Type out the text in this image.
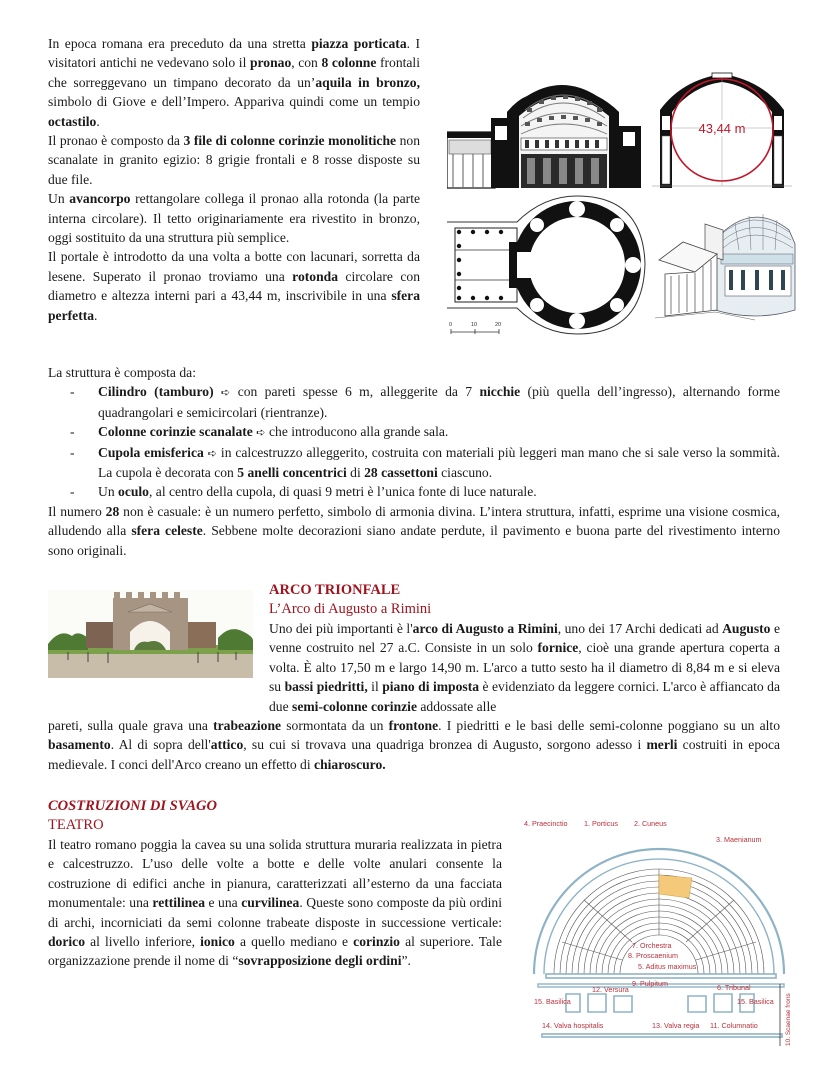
In epoca romana era preceduto da una stretta piazza porticata. I visitatori antichi ne vedevano solo il pronao, con 8 colonne frontali che sorreggevano un timpano decorato da un’aquila in bronzo, simbolo di Giove e dell’Impero. Appariva quindi come un tempio octastilo.

Il pronao è composto da 3 file di colonne corinzie monolitiche non scanalate in granito egizio: 8 grigie frontali e 8 rosse disposte su due file.

Un avancorpo rettangolare collega il pronao alla rotonda (la parte interna circolare). Il tetto originariamente era rivestito in bronzo, oggi sostituito da una struttura più semplice.

Il portale è introdotto da una volta a botte con lacunari, sorretta da lesene. Superato il pronao troviamo una rotonda circolare con diametro e altezza interni pari a 43,44 m, inscrivibile in una sfera perfetta.

43,44 m
0	10	20

La struttura è composta da:

- Cilindro (tamburo) ➪ con pareti spesse 6 m, alleggerite da 7 nicchie (più quella dell’ingresso), alternando forme quadrangolari e semicircolari (rientranze).
- Colonne corinzie scanalate ➪ che introducono alla grande sala.
- Cupola emisferica ➪ in calcestruzzo alleggerito, costruita con materiali più leggeri man mano che si sale verso la sommità. La cupola è decorata con 5 anelli concentrici di 28 cassettoni ciascuno.
- Un oculo, al centro della cupola, di quasi 9 metri è l’unica fonte di luce naturale.

Il numero 28 non è casuale: è un numero perfetto, simbolo di armonia divina. L’intera struttura, infatti, esprime una visione cosmica, alludendo alla sfera celeste. Sebbene molte decorazioni siano andate perdute, il pavimento e buona parte del rivestimento interno sono originali.

ARCO TRIONFALE
L’Arco di Augusto a Rimini

Uno dei più importanti è l'arco di Augusto a Rimini, uno dei 17 Archi dedicati ad Augusto e venne costruito nel 27 a.C. Consiste in un solo fornice, cioè una grande apertura coperta a volta. È alto 17,50 m e largo 14,90 m. L'arco a tutto sesto ha il diametro di 8,84 m e si eleva su bassi piedritti, il piano di imposta è evidenziato da leggere cornici. L'arco è affiancato da due semi-colonne corinzie addossate alle

pareti, sulla quale grava una trabeazione sormontata da un frontone. I piedritti e le basi delle semi-colonne poggiano su un alto basamento. Al di sopra dell'attico, su cui si trovava una quadriga bronzea di Augusto, sorgono adesso i merli costruiti in epoca medievale. I conci dell'Arco creano un effetto di chiaroscuro.

COSTRUZIONI DI SVAGO
TEATRO

Il teatro romano poggia la cavea su una solida struttura muraria realizzata in pietra e calcestruzzo. L’uso delle volte a botte e delle volte anulari consente la costruzione di edifici anche in pianura, caratterizzati all’esterno da una facciata monumentale: una rettilinea e una curvilinea. Queste sono composte da più ordini di archi, incorniciati da semi colonne trabeate disposte in successione verticale: dorico al livello inferiore, ionico a quello mediano e corinzio al superiore. Tale organizzazione prende il nome di “sovrapposizione degli ordini”.

4. Praecinctio 1. Porticus 2. Cuneus
3. Maenianum
7. Orchestra
8. Proscaenium
5. Aditus maximus
9. Pulpitum
12. Versura	6. Tribunal
15. Basilica	15. Basilica
14. Valva hospitalis	13. Valva regia 11. Columnatio	10. Scaenae frons
